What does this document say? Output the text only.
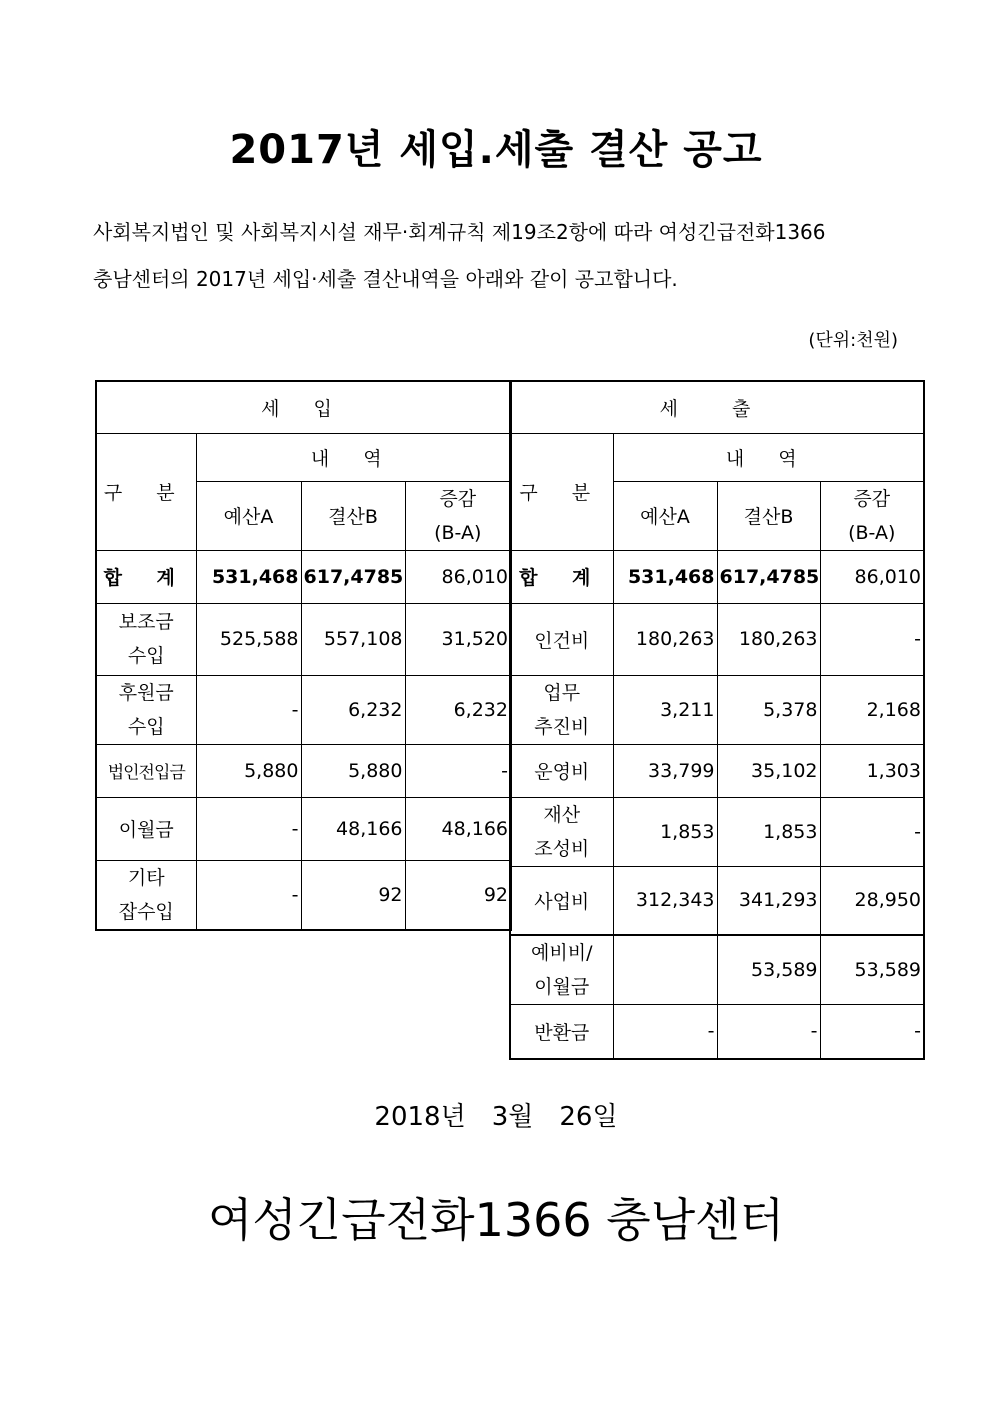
2017년 세입.세출 결산 공고
사회복지법인 및 사회복지시설 재무·회계규칙 제19조2항에 따라 여성긴급전화1366
충남센터의 2017년 세입·세출 결산내역을 아래와 같이 공고합니다.
(단위:천원)
세 입			
구 분	내 역		
	예산A	결산B	증감
(B-A)
합 계	531,468	617,4785	86,010
보조금
수입	525,588	557,108	31,520
후원금
수입	-	6,232	6,232
법인전입금	5,880	5,880	-
이월금	-	48,166	48,166
기타
잡수입	-	92	92
세 출			
구 분	내 역		
	예산A	결산B	증감
(B-A)
합 계	531,468	617,4785	86,010
인건비	180,263	180,263	-
업무
추진비	3,211	5,378	2,168
운영비	33,799	35,102	1,303
재산
조성비	1,853	1,853	-
사업비	312,343	341,293	28,950
예비비/
이월금		53,589	53,589
반환금	-	-	-
2018년　3월　26일
여성긴급전화1366 충남센터
